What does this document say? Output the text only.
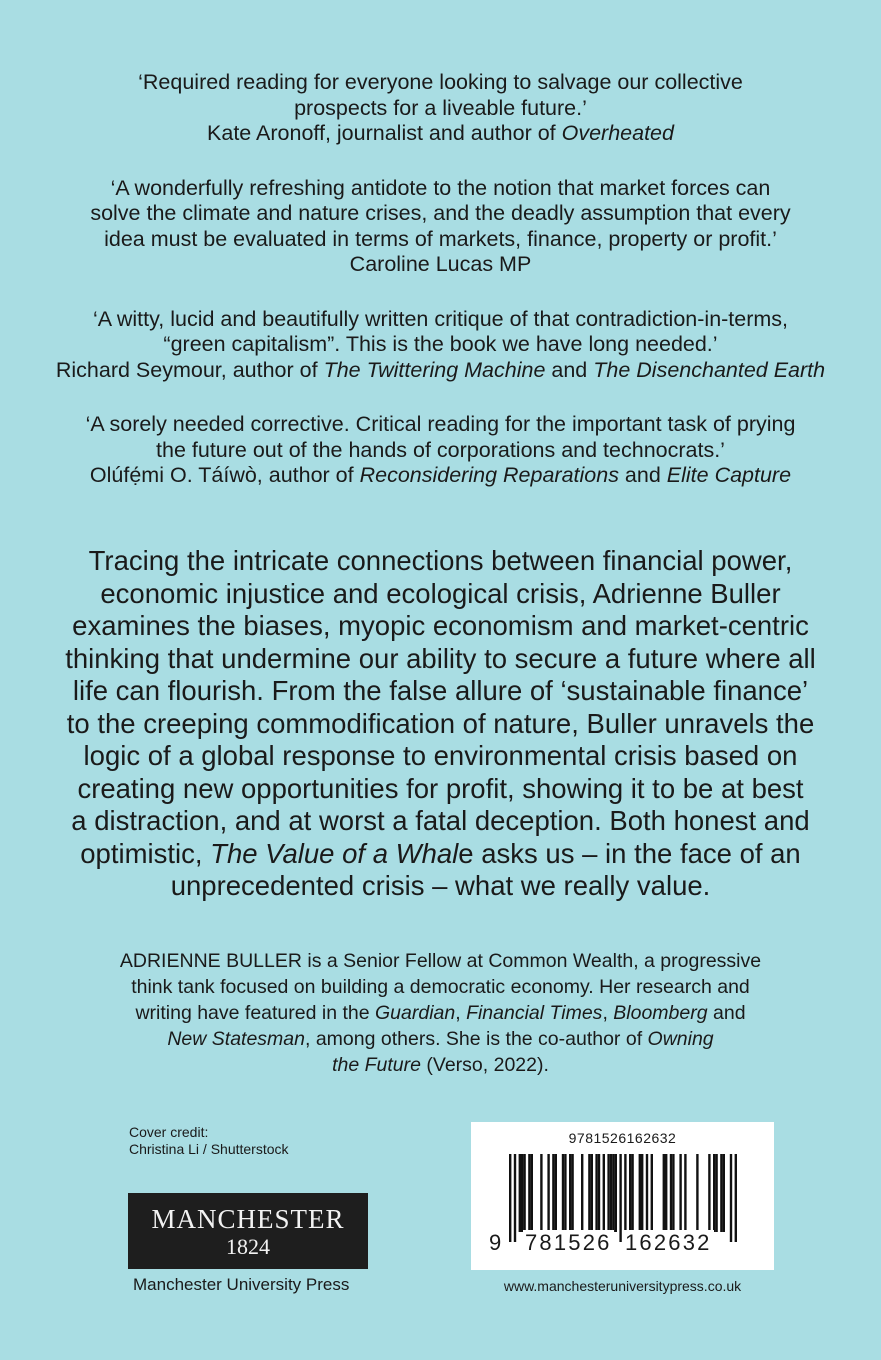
‘Required reading for everyone looking to salvage our collective

prospects for a liveable future.’

Kate Aronoff, journalist and author of Overheated

‘A wonderfully refreshing antidote to the notion that market forces can

solve the climate and nature crises, and the deadly assumption that every

idea must be evaluated in terms of markets, finance, property or profit.’

Caroline Lucas MP

‘A witty, lucid and beautifully written critique of that contradiction-in-terms,

“green capitalism”. This is the book we have long needed.’

Richard Seymour, author of The Twittering Machine and The Disenchanted Earth

‘A sorely needed corrective. Critical reading for the important task of prying

the future out of the hands of corporations and technocrats.’

Olúfẹ́mi O. Táíwò, author of Reconsidering Reparations and Elite Capture

Tracing the intricate connections between financial power,

economic injustice and ecological crisis, Adrienne Buller

examines the biases, myopic economism and market-centric

thinking that undermine our ability to secure a future where all

life can flourish. From the false allure of ‘sustainable finance’

to the creeping commodification of nature, Buller unravels the

logic of a global response to environmental crisis based on

creating new opportunities for profit, showing it to be at best

a distraction, and at worst a fatal deception. Both honest and

optimistic, The Value of a Whale asks us – in the face of an

unprecedented crisis – what we really value.

ADRIENNE BULLER is a Senior Fellow at Common Wealth, a progressive

think tank focused on building a democratic economy. Her research and

writing have featured in the Guardian, Financial Times, Bloomberg and

New Statesman, among others. She is the co-author of Owning

the Future (Verso, 2022).

Cover credit:

Christina Li / Shutterstock

MANCHESTER
1824
Manchester University Press
9781526162632
9 781526 162632
www.manchesteruniversitypress.co.uk
